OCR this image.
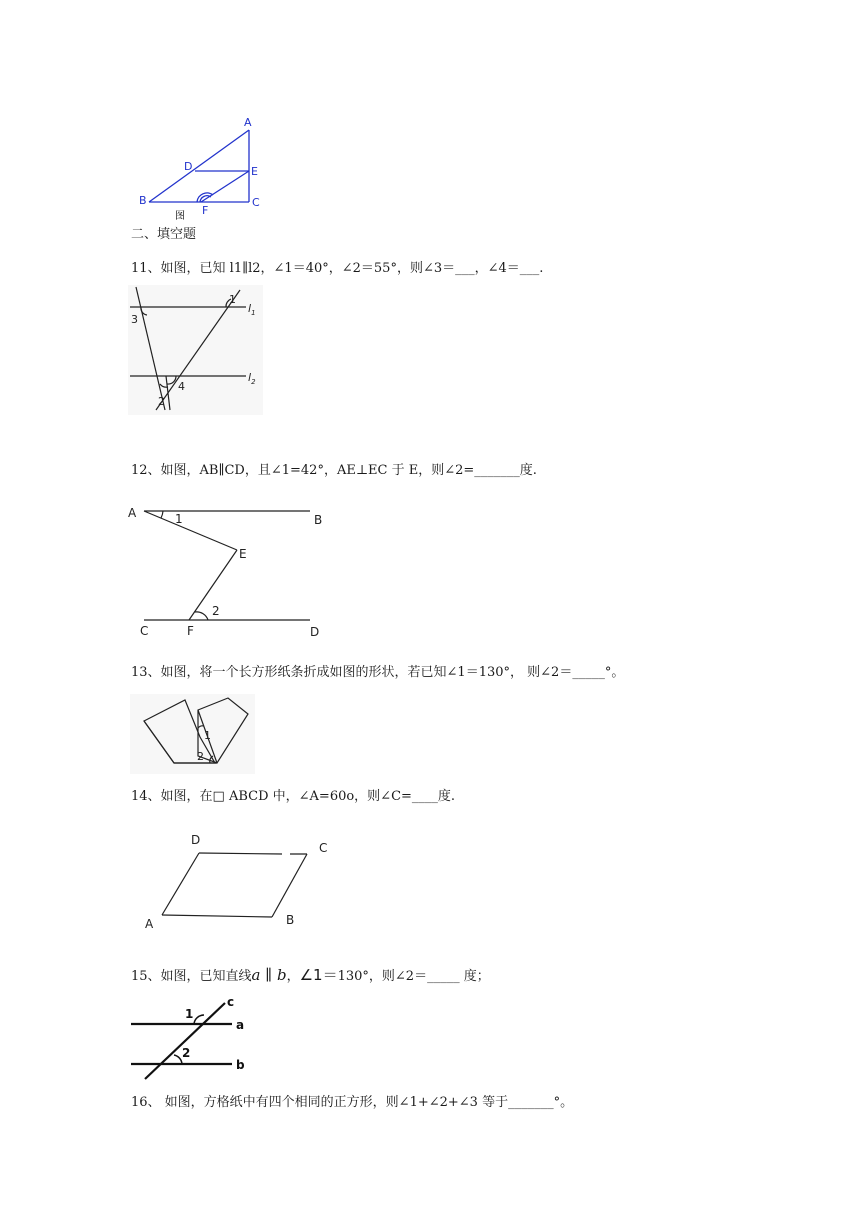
A
D	E
B
F
C
图
二、填空题
11、如图，已知 l1∥l2，∠1＝40°，∠2＝55°，则∠3＝___，∠4＝___.
1
3
4
2
$l_1$
$l_2$
12、如图，AB∥CD，且∠1=42°，AE⊥EC 于 E，则∠2=_______度.
A	1	B
E
2
C	F	D
13、如图，将一个长方形纸条折成如图的形状，若已知∠1＝130°， 则∠2＝_____°。
1
2
14、如图，在□ ABCD 中，∠A=60o，则∠C=____度.
D
C
A	B
15、如图，已知直线a ∥ b，∠1＝130°，则∠2＝_____ 度；
c
1
a
2
b
16、 如图，方格纸中有四个相同的正方形，则∠1+∠2+∠3 等于_______°。
